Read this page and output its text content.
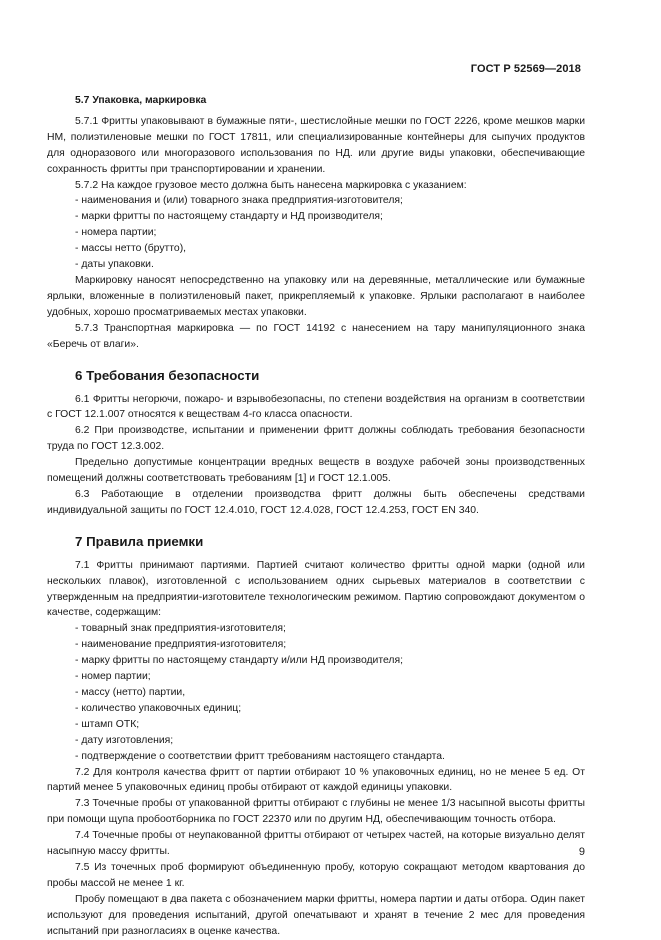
ГОСТ Р 52569—2018
5.7 Упаковка, маркировка

5.7.1 Фритты упаковывают в бумажные пяти-, шестислойные мешки по ГОСТ 2226, кроме мешков марки НМ, полиэтиленовые мешки по ГОСТ 17811, или специализированные контейнеры для сыпучих продуктов для одноразового или многоразового использования по НД. или другие виды упаковки, обеспечивающие сохранность фритты при транспортировании и хранении.

5.7.2 На каждое грузовое место должна быть нанесена маркировка с указанием:

- наименования и (или) товарного знака предприятия-изготовителя;
- марки фритты по настоящему стандарту и НД производителя;
- номера партии;
- массы нетто (брутто),
- даты упаковки.

Маркировку наносят непосредственно на упаковку или на деревянные, металлические или бумажные ярлыки, вложенные в полиэтиленовый пакет, прикрепляемый к упаковке. Ярлыки располагают в наиболее удобных, хорошо просматриваемых местах упаковки.

5.7.3 Транспортная маркировка — по ГОСТ 14192 с нанесением на тару манипуляционного знака «Беречь от влаги».

6 Требования безопасности

6.1 Фритты негорючи, пожаро- и взрывобезопасны, по степени воздействия на организм в соответствии с ГОСТ 12.1.007 относятся к веществам 4-го класса опасности.

6.2 При производстве, испытании и применении фритт должны соблюдать требования безопасности труда по ГОСТ 12.3.002.

Предельно допустимые концентрации вредных веществ в воздухе рабочей зоны производственных помещений должны соответствовать требованиям [1] и ГОСТ 12.1.005.

6.3 Работающие в отделении производства фритт должны быть обеспечены средствами индивидуальной защиты по ГОСТ 12.4.010, ГОСТ 12.4.028, ГОСТ 12.4.253, ГОСТ EN 340.

7 Правила приемки

7.1 Фритты принимают партиями. Партией считают количество фритты одной марки (одной или нескольких плавок), изготовленной с использованием одних сырьевых материалов в соответствии с утвержденным на предприятии-изготовителе технологическим режимом. Партию сопровождают документом о качестве, содержащим:

- товарный знак предприятия-изготовителя;
- наименование предприятия-изготовителя;
- марку фритты по настоящему стандарту и/или НД производителя;
- номер партии;
- массу (нетто) партии,
- количество упаковочных единиц;
- штамп ОТК;
- дату изготовления;
- подтверждение о соответствии фритт требованиям настоящего стандарта.

7.2 Для контроля качества фритт от партии отбирают 10 % упаковочных единиц, но не менее 5 ед. От партий менее 5 упаковочных единиц пробы отбирают от каждой единицы упаковки.

7.3 Точечные пробы от упакованной фритты отбирают с глубины не менее 1/3 насыпной высоты фритты при помощи щупа пробоотборника по ГОСТ 22370 или по другим НД, обеспечивающим точность отбора.

7.4 Точечные пробы от неупакованной фритты отбирают от четырех частей, на которые визуально делят насыпную массу фритты.

7.5 Из точечных проб формируют объединенную пробу, которую сокращают методом квартования до пробы массой не менее 1 кг.

Пробу помещают в два пакета с обозначением марки фритты, номера партии и даты отбора. Один пакет используют для проведения испытаний, другой опечатывают и хранят в течение 2 мес для проведения испытаний при разногласиях в оценке качества.

9
